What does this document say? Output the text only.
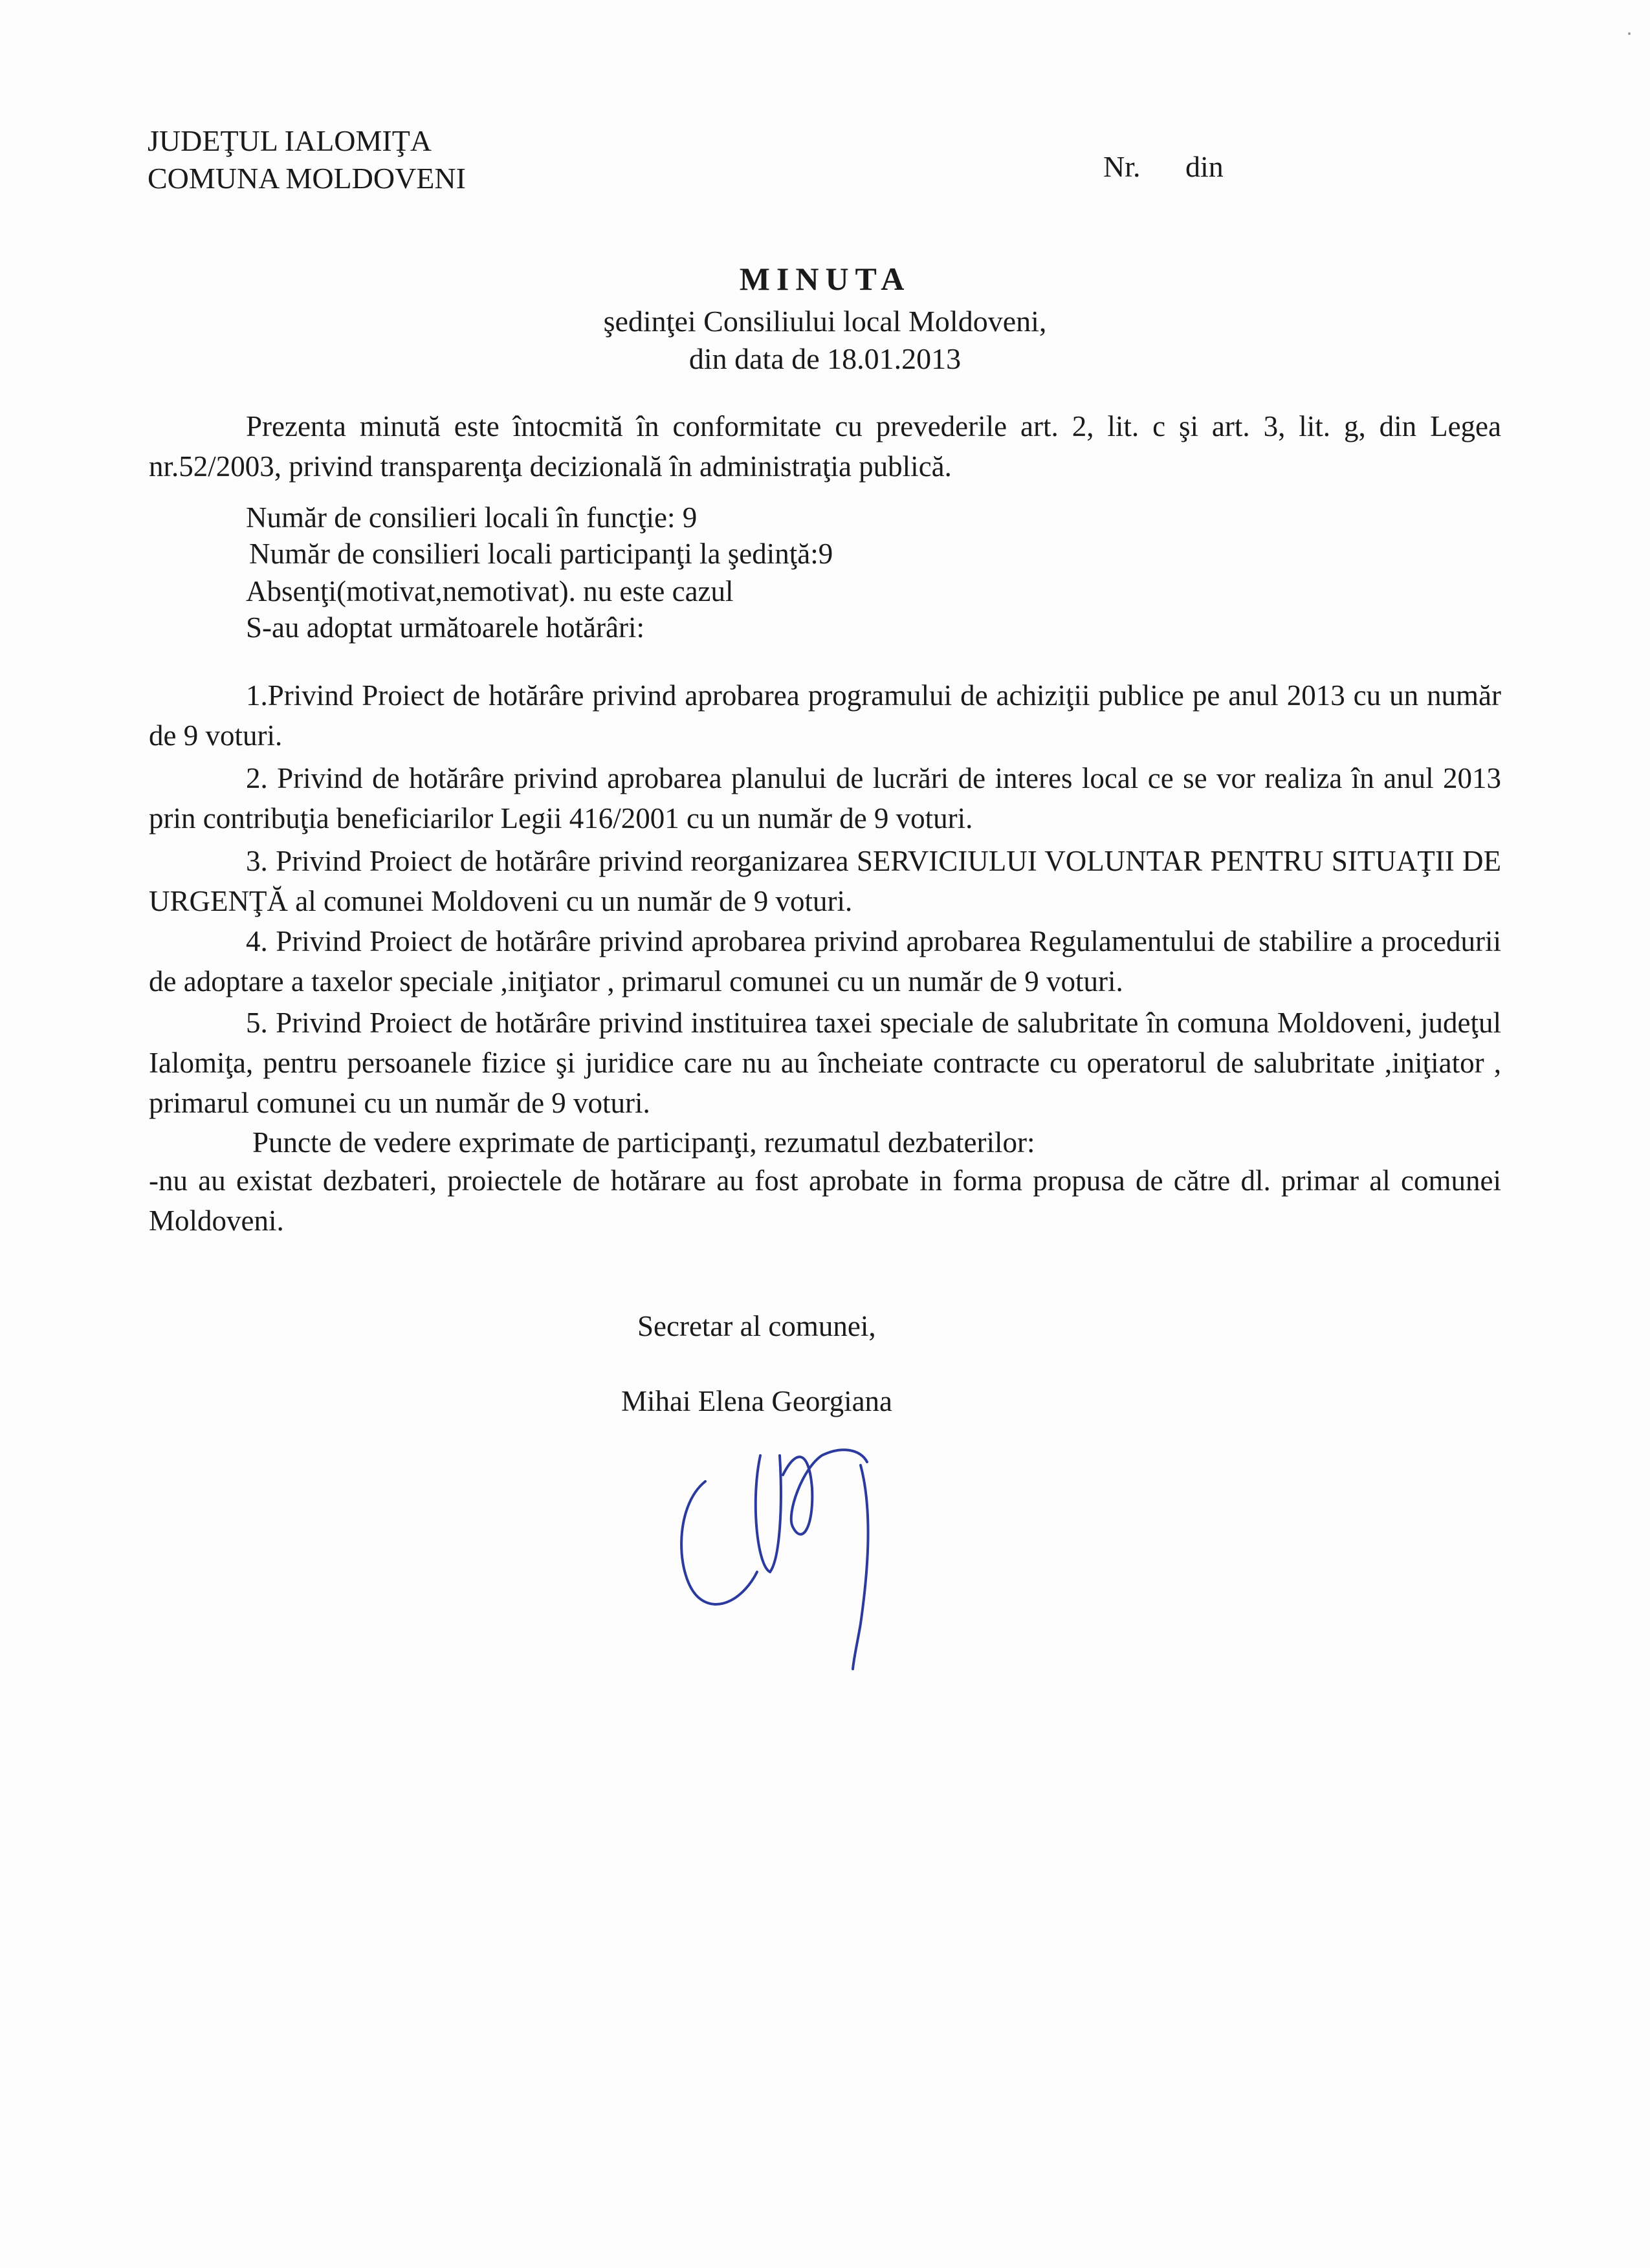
JUDEŢUL IALOMIŢA
COMUNA MOLDOVENI	Nr. din
MINUTA
şedinţei Consiliului local Moldoveni,
din data de 18.01.2013
Prezenta minută este întocmită în conformitate cu prevederile art. 2, lit. c şi art. 3, lit. g, din Legea nr.52/2003, privind transparenţa decizională în administraţia publică.
Număr de consilieri locali în funcţie: 9
Număr de consilieri locali participanţi la şedinţă:9
Absenţi(motivat,nemotivat). nu este cazul
S-au adoptat următoarele hotărâri:
1.Privind Proiect de hotărâre privind aprobarea programului de achiziţii publice pe anul 2013 cu un număr de 9 voturi.
2. Privind de hotărâre privind aprobarea planului de lucrări de interes local ce se vor realiza în anul 2013 prin contribuţia beneficiarilor Legii 416/2001 cu un număr de 9 voturi.
3. Privind Proiect de hotărâre privind reorganizarea SERVICIULUI VOLUNTAR PENTRU SITUAŢII DE URGENŢĂ al comunei Moldoveni cu un număr de 9 voturi.
4. Privind Proiect de hotărâre privind aprobarea privind aprobarea Regulamentului de stabilire a procedurii de adoptare a taxelor speciale ,iniţiator , primarul comunei cu un număr de 9 voturi.
5. Privind Proiect de hotărâre privind instituirea taxei speciale de salubritate în comuna Moldoveni, judeţul Ialomiţa, pentru persoanele fizice şi juridice care nu au încheiate contracte cu operatorul de salubritate ,iniţiator , primarul comunei cu un număr de 9 voturi.
Puncte de vedere exprimate de participanţi, rezumatul dezbaterilor:
-nu au existat dezbateri, proiectele de hotărare au fost aprobate in forma propusa de către dl. primar al comunei Moldoveni.
Secretar al comunei,
Mihai Elena Georgiana
